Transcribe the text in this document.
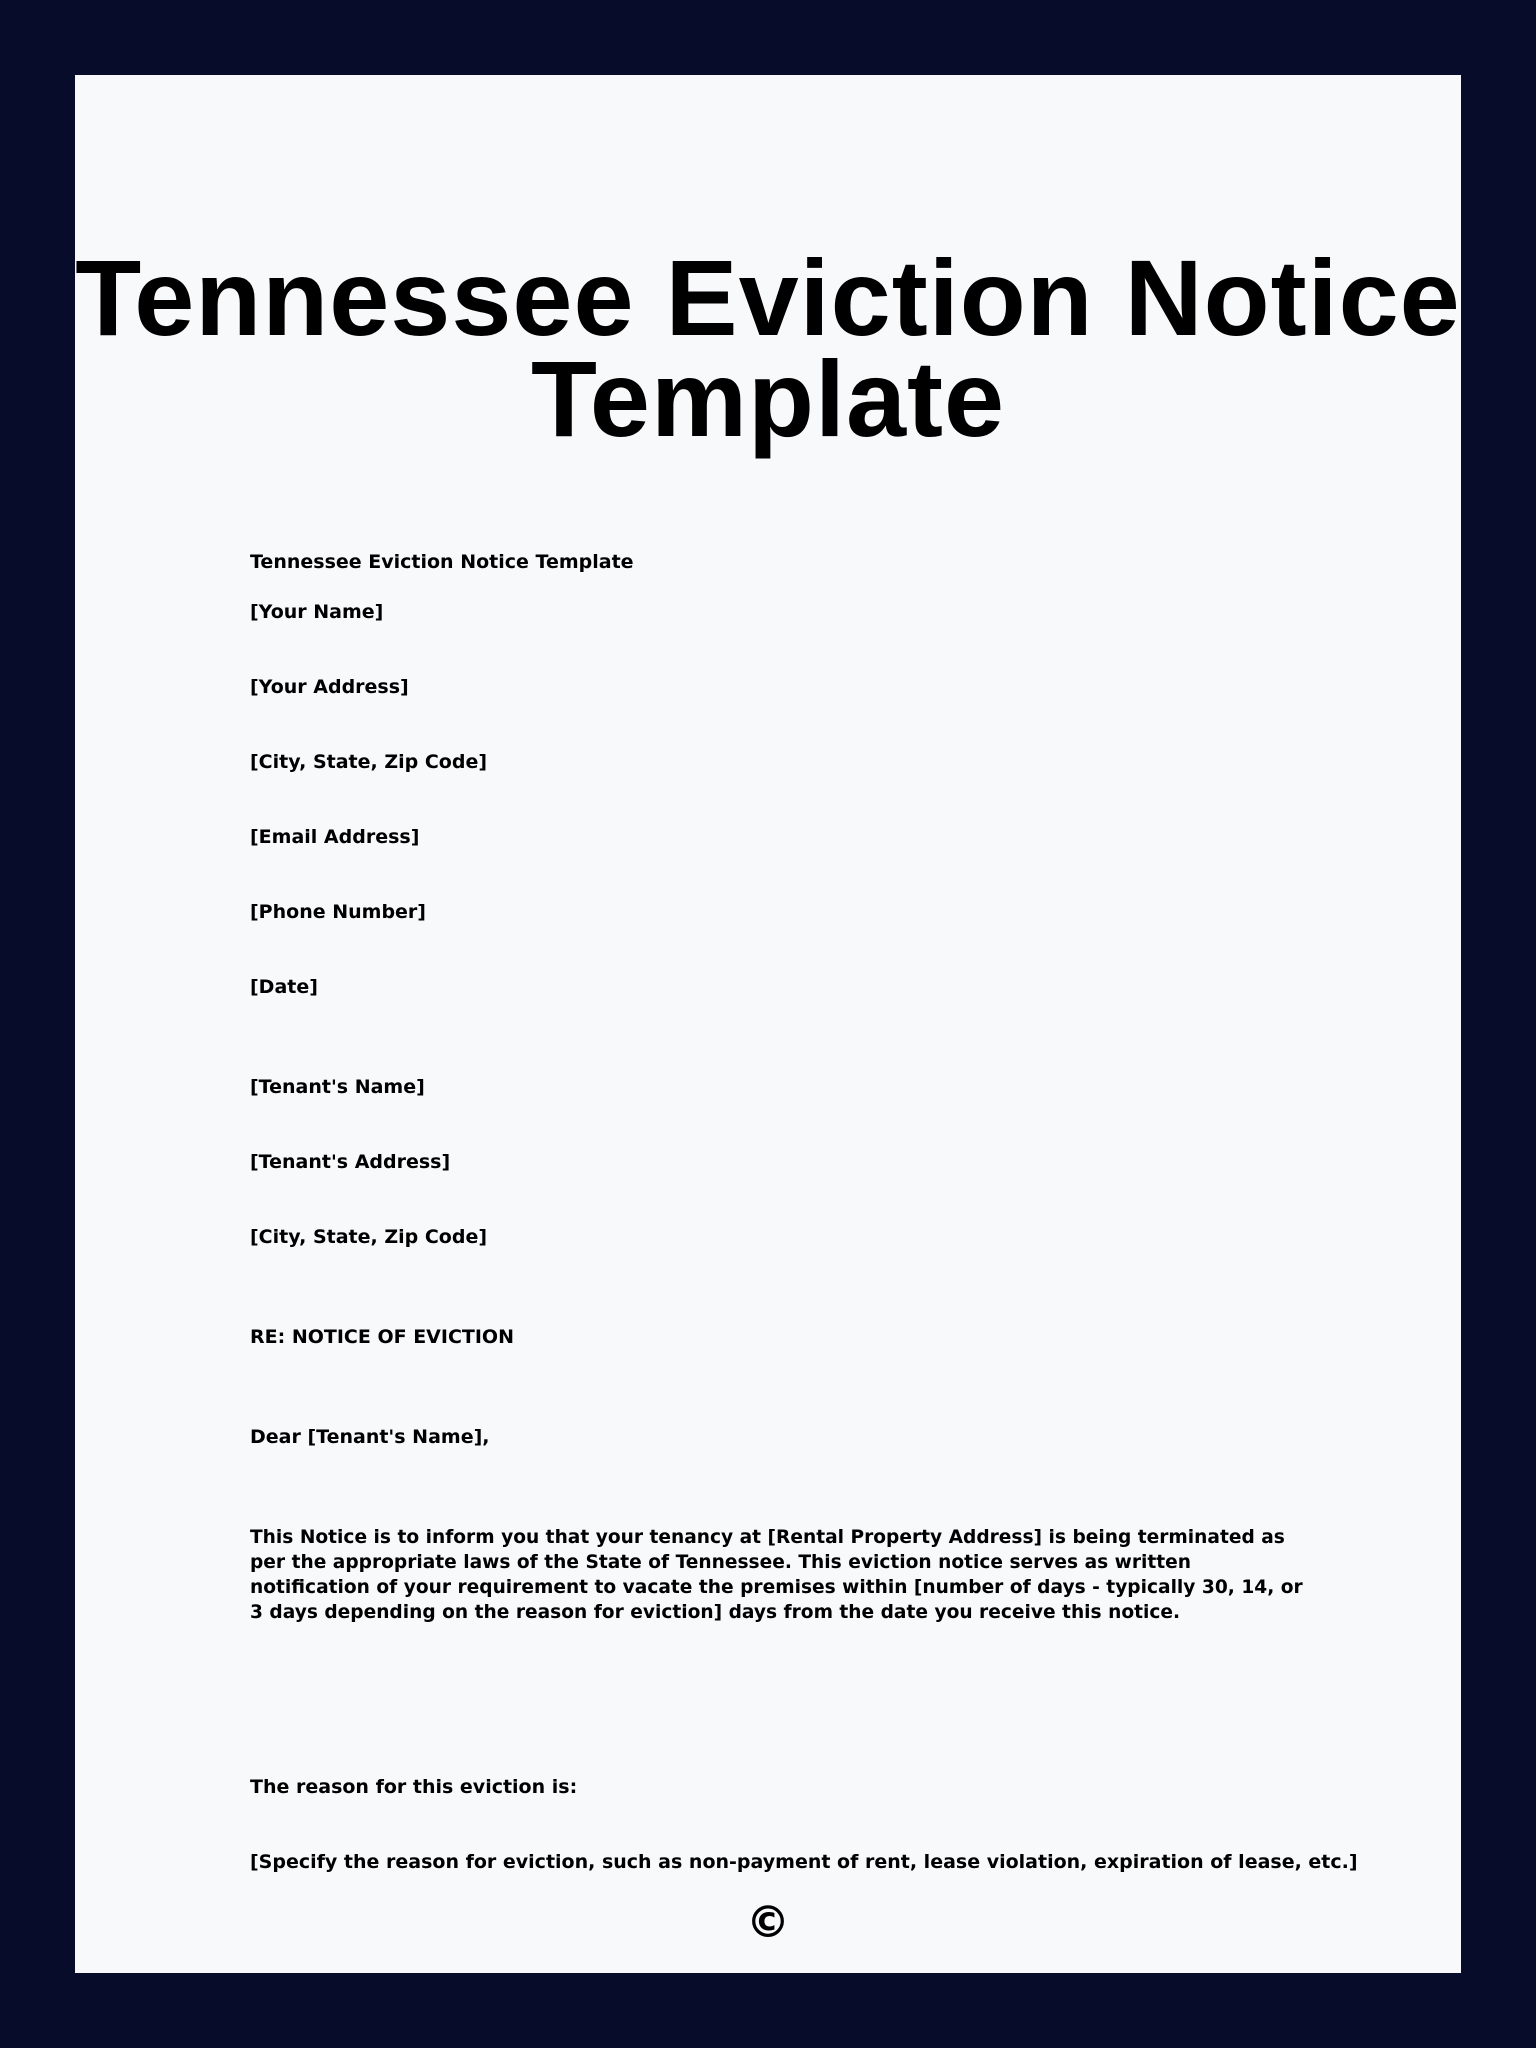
Tennessee Eviction Notice Template

Tennessee Eviction Notice Template

[Your Name]

[Your Address]

[City, State, Zip Code]

[Email Address]

[Phone Number]

[Date]

[Tenant's Name]

[Tenant's Address]

[City, State, Zip Code]

RE: NOTICE OF EVICTION

Dear [Tenant's Name],

This Notice is to inform you that your tenancy at [Rental Property Address] is being terminated as per the appropriate laws of the State of Tennessee. This eviction notice serves as written notification of your requirement to vacate the premises within [number of days - typically 30, 14, or 3 days depending on the reason for eviction] days from the date you receive this notice.

The reason for this eviction is:

[Specify the reason for eviction, such as non-payment of rent, lease violation, expiration of lease, etc.]

©
